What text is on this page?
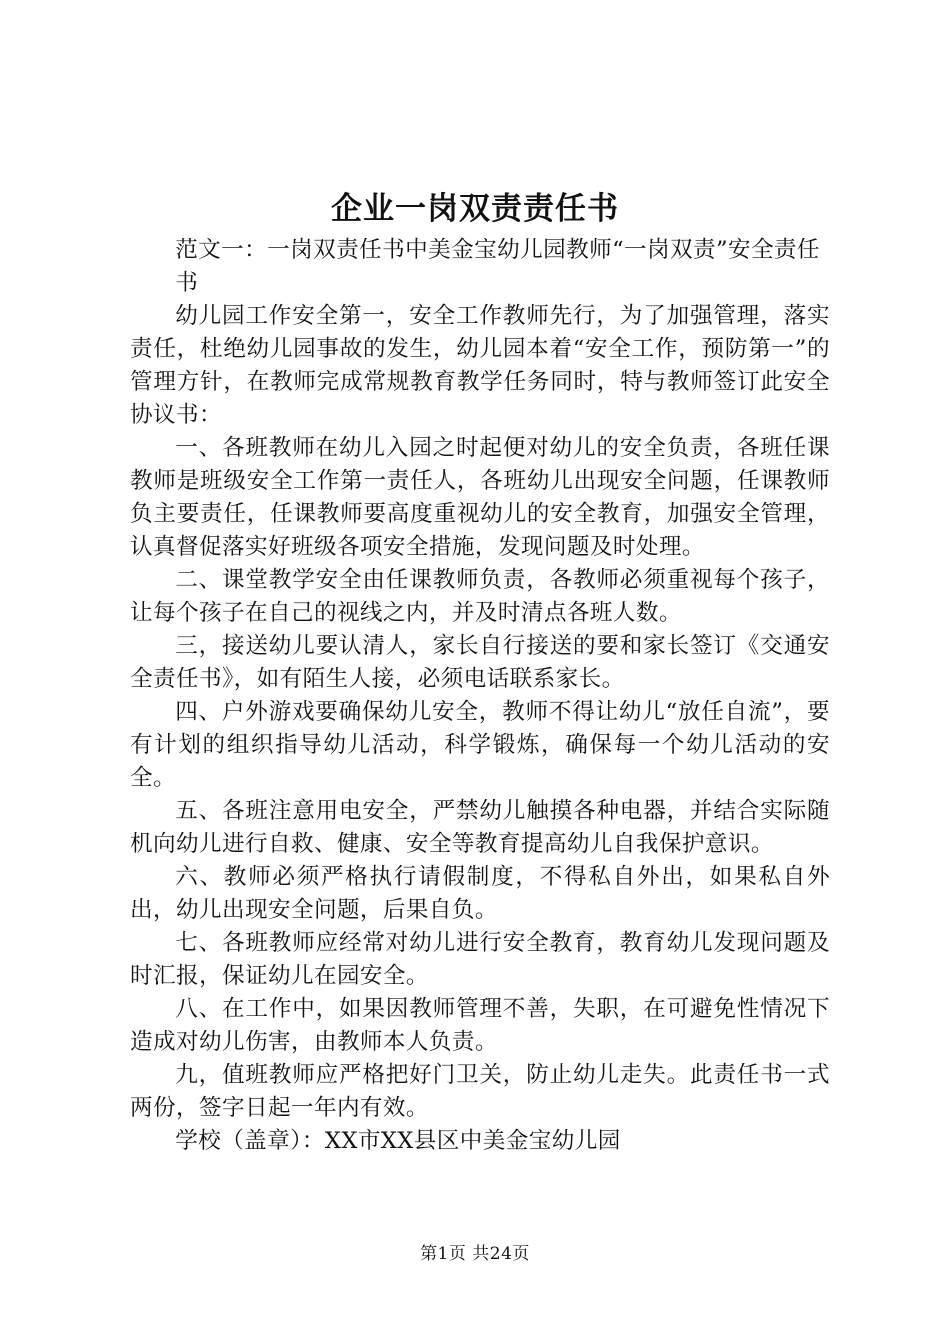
企业一岗双责责任书

范文一：一岗双责任书中美金宝幼儿园教师“一岗双责”安全责任

书

幼儿园工作安全第一，安全工作教师先行，为了加强管理，落实责任，杜绝幼儿园事故的发生，幼儿园本着“安全工作，预防第一”的管理方针，在教师完成常规教育教学任务同时，特与教师签订此安全协议书：

一、各班教师在幼儿入园之时起便对幼儿的安全负责，各班任课教师是班级安全工作第一责任人，各班幼儿出现安全问题，任课教师负主要责任，任课教师要高度重视幼儿的安全教育，加强安全管理，认真督促落实好班级各项安全措施，发现问题及时处理。

二、课堂教学安全由任课教师负责，各教师必须重视每个孩子，让每个孩子在自己的视线之内，并及时清点各班人数。

三，接送幼儿要认清人，家长自行接送的要和家长签订《交通安全责任书》，如有陌生人接，必须电话联系家长。

四、户外游戏要确保幼儿安全，教师不得让幼儿“放任自流”，要有计划的组织指导幼儿活动，科学锻炼，确保每一个幼儿活动的安全。

五、各班注意用电安全，严禁幼儿触摸各种电器，并结合实际随机向幼儿进行自救、健康、安全等教育提高幼儿自我保护意识。

六、教师必须严格执行请假制度，不得私自外出，如果私自外出，幼儿出现安全问题，后果自负。

七、各班教师应经常对幼儿进行安全教育，教育幼儿发现问题及时汇报，保证幼儿在园安全。

八、在工作中，如果因教师管理不善，失职，在可避免性情况下造成对幼儿伤害，由教师本人负责。

九，值班教师应严格把好门卫关，防止幼儿走失。此责任书一式两份，签字日起一年内有效。

学校（盖章）：XX市XX县区中美金宝幼儿园

第1页 共24页
